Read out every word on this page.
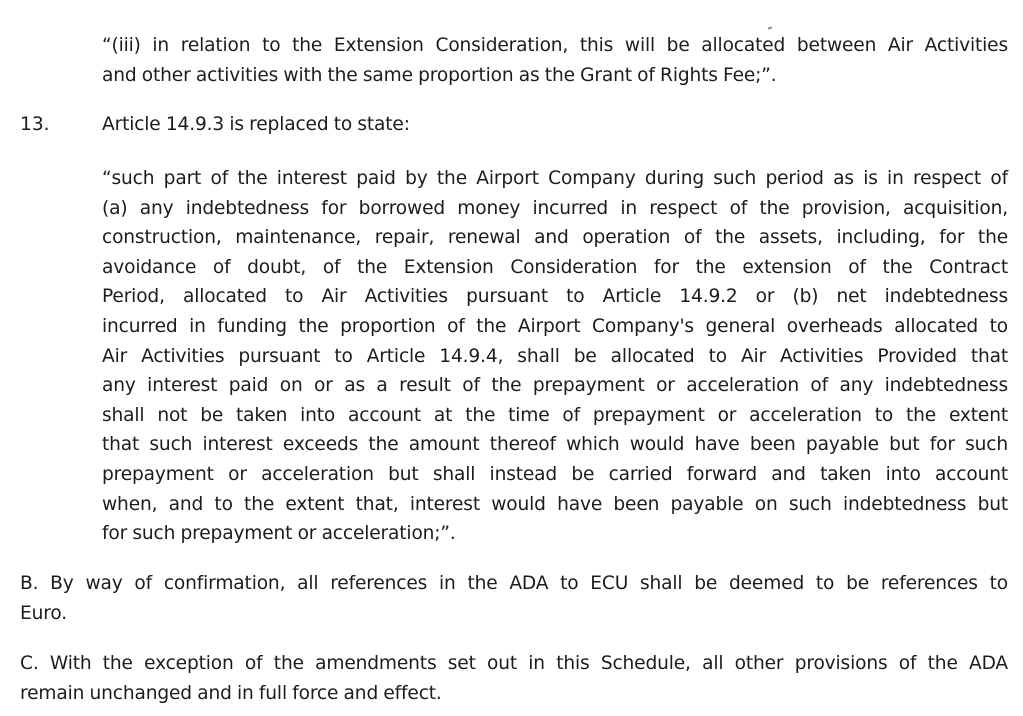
“(iii) in relation to the Extension Consideration, this will be allocated between Air Activities
and other activities with the same proportion as the Grant of Rights Fee;”.
13.	Article 14.9.3 is replaced to state:
“such part of the interest paid by the Airport Company during such period as is in respect of
(a) any indebtedness for borrowed money incurred in respect of the provision, acquisition,
construction, maintenance, repair, renewal and operation of the assets, including, for the
avoidance of doubt, of the Extension Consideration for the extension of the Contract
Period, allocated to Air Activities pursuant to Article 14.9.2 or (b) net indebtedness
incurred in funding the proportion of the Airport Company's general overheads allocated to
Air Activities pursuant to Article 14.9.4, shall be allocated to Air Activities Provided that
any interest paid on or as a result of the prepayment or acceleration of any indebtedness
shall not be taken into account at the time of prepayment or acceleration to the extent
that such interest exceeds the amount thereof which would have been payable but for such
prepayment or acceleration but shall instead be carried forward and taken into account
when, and to the extent that, interest would have been payable on such indebtedness but
for such prepayment or acceleration;”.
B. By way of confirmation, all references in the ADA to ECU shall be deemed to be references to
Euro.
C. With the exception of the amendments set out in this Schedule, all other provisions of the ADA
remain unchanged and in full force and effect.
